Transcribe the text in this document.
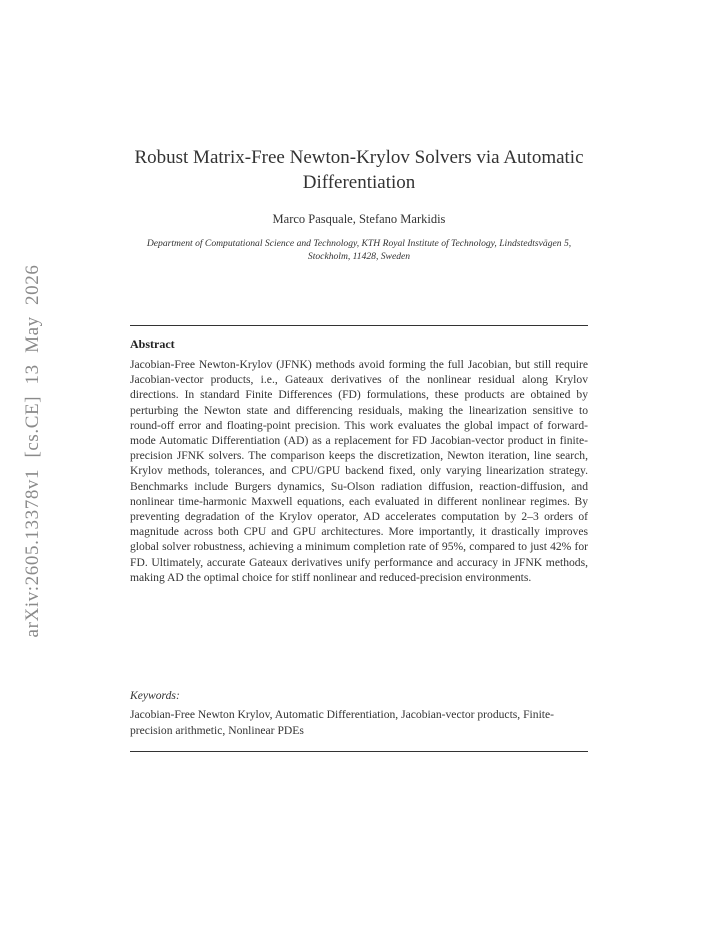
arXiv:2605.13378v1 [cs.CE] 13 May 2026
Robust Matrix-Free Newton-Krylov Solvers via Automatic Differentiation
Marco Pasquale, Stefano Markidis
Department of Computational Science and Technology, KTH Royal Institute of Technology, Lindstedtsvägen 5, Stockholm, 11428, Sweden
Abstract
Jacobian-Free Newton-Krylov (JFNK) methods avoid forming the full Jacobian, but still require Jacobian-vector products, i.e., Gateaux derivatives of the nonlinear residual along Krylov directions. In standard Finite Differences (FD) formulations, these products are obtained by perturbing the Newton state and differencing residuals, making the linearization sensitive to round-off error and floating-point precision. This work evaluates the global impact of forward-mode Automatic Differentiation (AD) as a replacement for FD Jacobian-vector product in finite-precision JFNK solvers. The comparison keeps the discretization, Newton iteration, line search, Krylov methods, tolerances, and CPU/GPU backend fixed, only varying linearization strategy. Benchmarks include Burgers dynamics, Su-Olson radiation diffusion, reaction-diffusion, and nonlinear time-harmonic Maxwell equations, each evaluated in different nonlinear regimes. By preventing degradation of the Krylov operator, AD accelerates computation by 2–3 orders of magnitude across both CPU and GPU architectures. More importantly, it drastically improves global solver robustness, achieving a minimum completion rate of 95%, compared to just 42% for FD. Ultimately, accurate Gateaux derivatives unify performance and accuracy in JFNK methods, making AD the optimal choice for stiff nonlinear and reduced-precision environments.
Keywords:
Jacobian-Free Newton Krylov, Automatic Differentiation, Jacobian-vector products, Finite-precision arithmetic, Nonlinear PDEs
